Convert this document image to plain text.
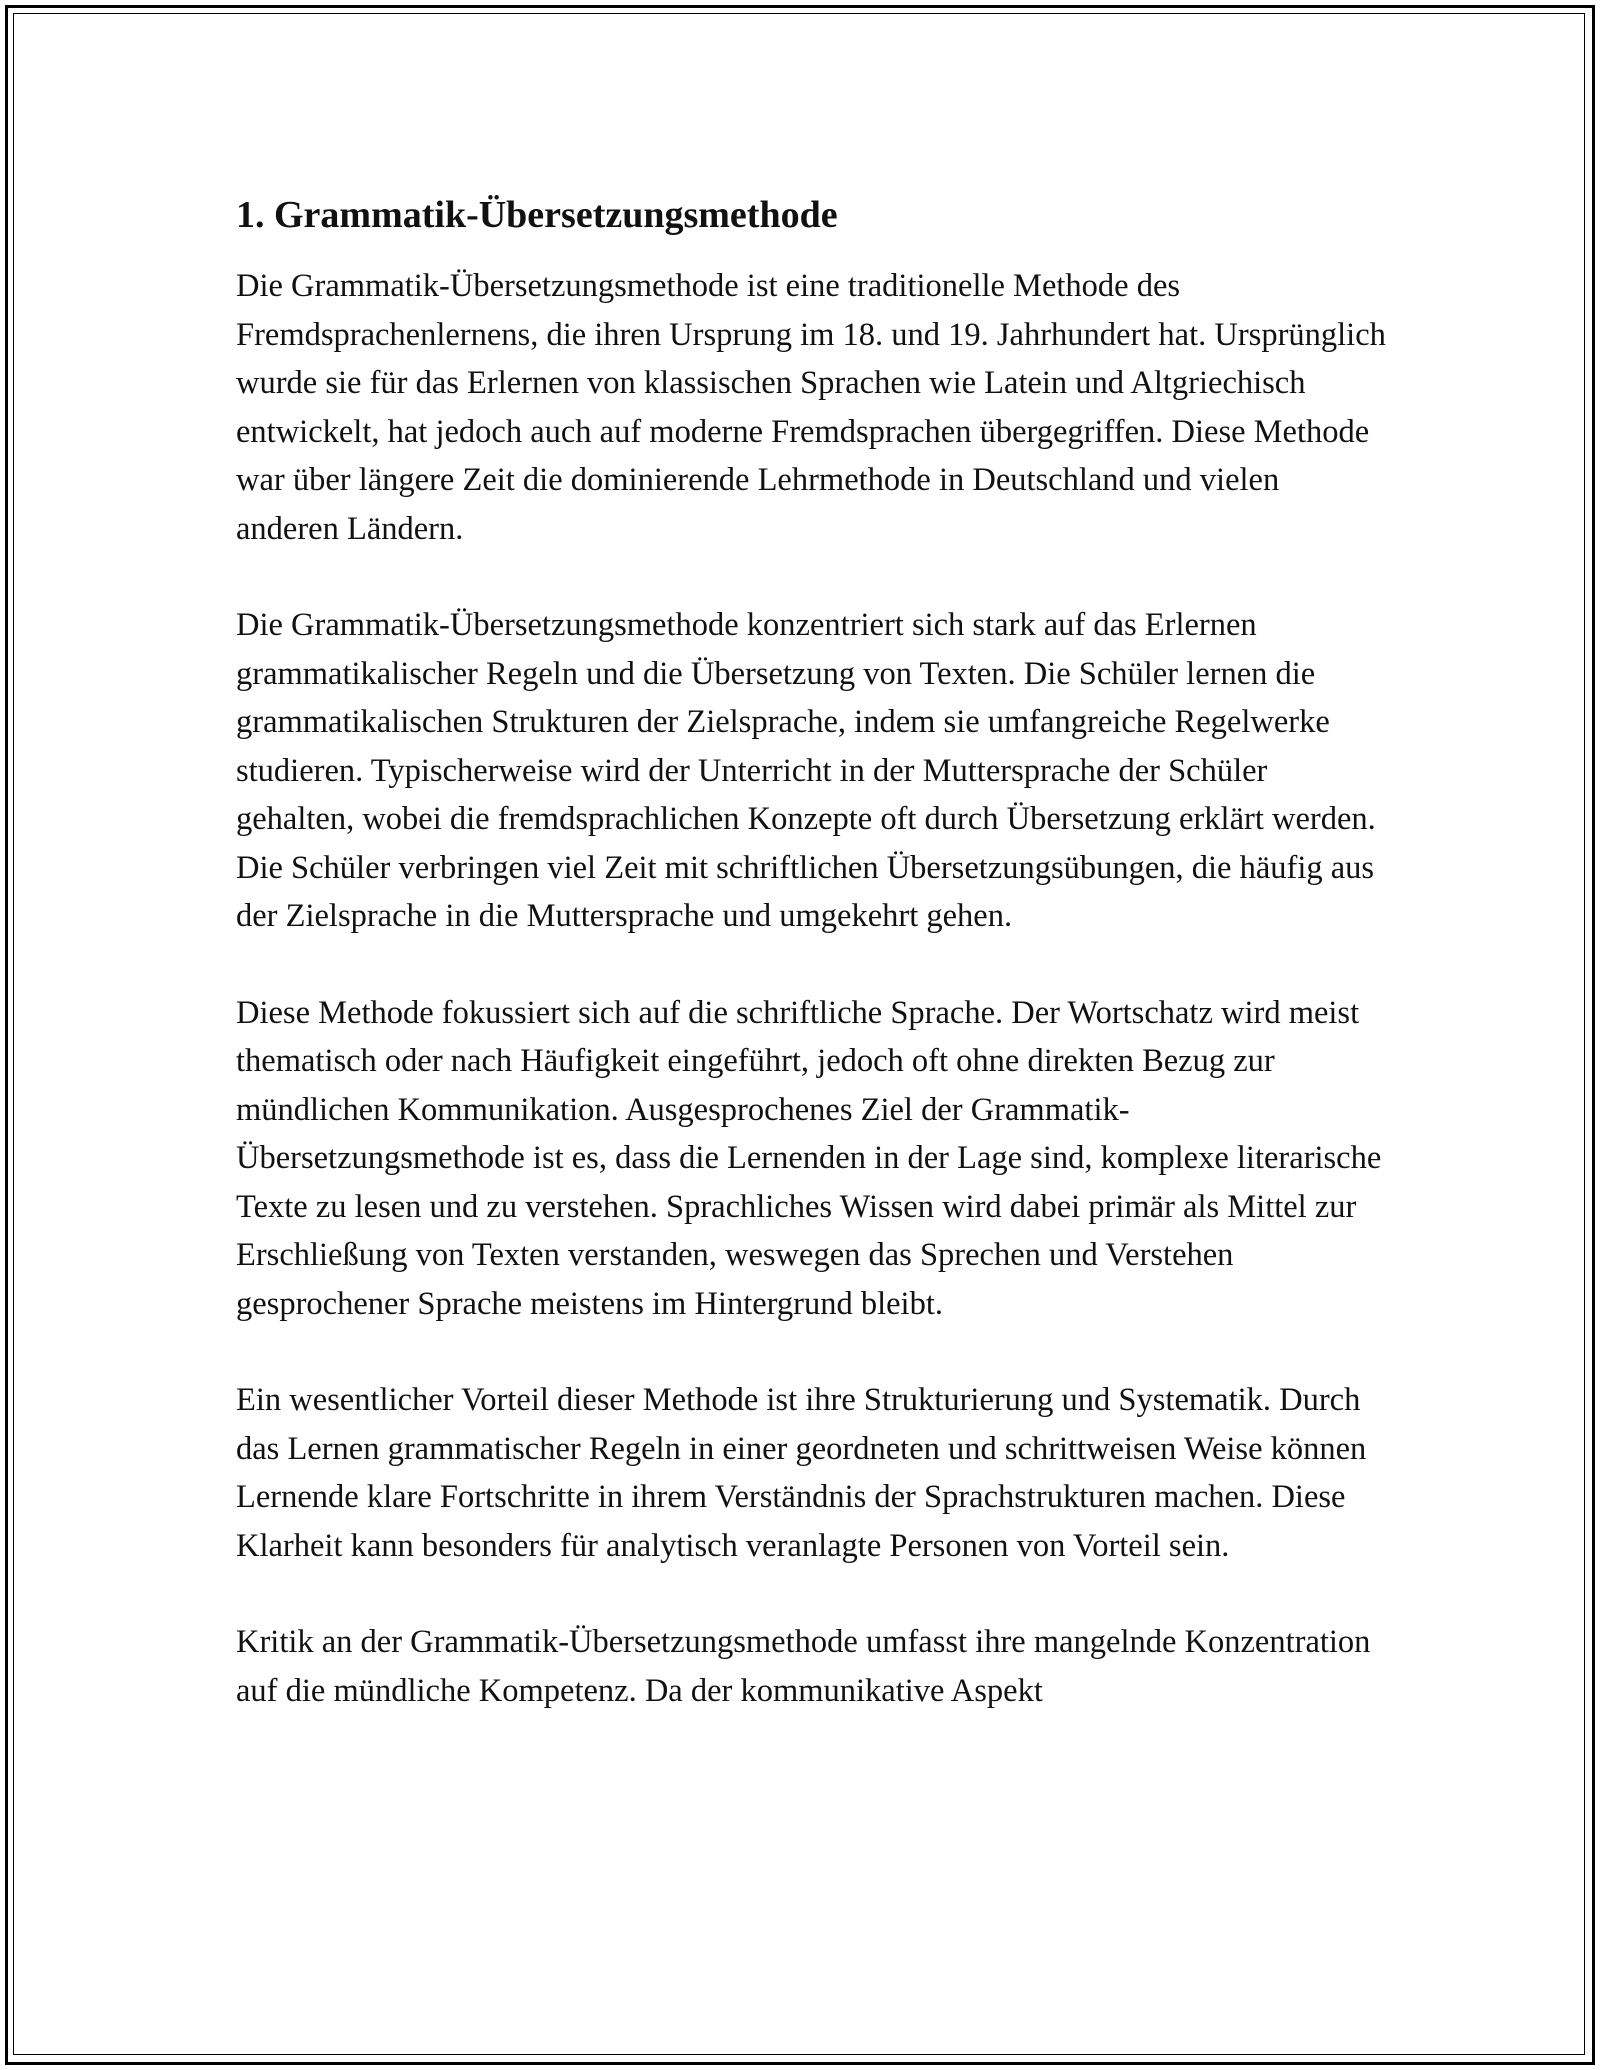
1. Grammatik-Übersetzungsmethode

Die Grammatik-Übersetzungsmethode ist eine traditionelle Methode des Fremdsprachenlernens, die ihren Ursprung im 18. und 19. Jahrhundert hat. Ursprünglich wurde sie für das Erlernen von klassischen Sprachen wie Latein und Altgriechisch entwickelt, hat jedoch auch auf moderne Fremdsprachen übergegriffen. Diese Methode war über längere Zeit die dominierende Lehrmethode in Deutschland und vielen anderen Ländern.

Die Grammatik-Übersetzungsmethode konzentriert sich stark auf das Erlernen grammatikalischer Regeln und die Übersetzung von Texten. Die Schüler lernen die grammatikalischen Strukturen der Zielsprache, indem sie umfangreiche Regelwerke studieren. Typischerweise wird der Unterricht in der Muttersprache der Schüler gehalten, wobei die fremdsprachlichen Konzepte oft durch Übersetzung erklärt werden. Die Schüler verbringen viel Zeit mit schriftlichen Übersetzungsübungen, die häufig aus der Zielsprache in die Muttersprache und umgekehrt gehen.

Diese Methode fokussiert sich auf die schriftliche Sprache. Der Wortschatz wird meist thematisch oder nach Häufigkeit eingeführt, jedoch oft ohne direkten Bezug zur mündlichen Kommunikation. Ausgesprochenes Ziel der Grammatik-Übersetzungsmethode ist es, dass die Lernenden in der Lage sind, komplexe literarische Texte zu lesen und zu verstehen. Sprachliches Wissen wird dabei primär als Mittel zur Erschließung von Texten verstanden, weswegen das Sprechen und Verstehen gesprochener Sprache meistens im Hintergrund bleibt.

Ein wesentlicher Vorteil dieser Methode ist ihre Strukturierung und Systematik. Durch das Lernen grammatischer Regeln in einer geordneten und schrittweisen Weise können Lernende klare Fortschritte in ihrem Verständnis der Sprachstrukturen machen. Diese Klarheit kann besonders für analytisch veranlagte Personen von Vorteil sein.

Kritik an der Grammatik-Übersetzungsmethode umfasst ihre mangelnde Konzentration auf die mündliche Kompetenz. Da der kommunikative Aspekt
